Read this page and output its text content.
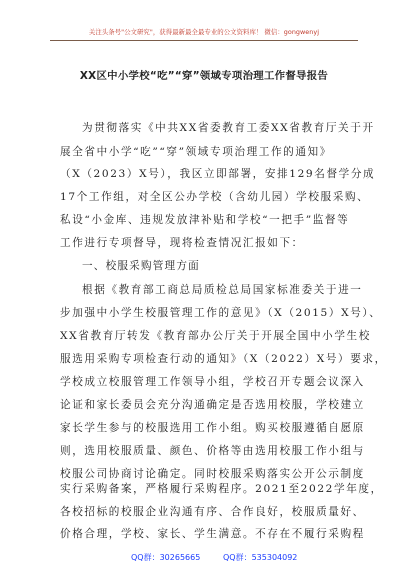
关注头条号"公文研究"，获得最新最全最专业的公文资料库！ 微信：gongwenyj
XX区中小学校“吃”“穿”领域专项治理工作督导报告
为贯彻落实《中共XX省委教育工委XX省教育厅关于开
展全省中小学“吃”“穿”领域专项治理工作的通知》
（X（2023）X号），我区立即部署，安排129名督学分成
17个工作组，对全区公办学校（含幼儿园）学校服采购、
私设“小金库、违规发放津补贴和学校“一把手”监督等
工作进行专项督导，现将检查情况汇报如下：
一、校服采购管理方面
根据《教育部工商总局质检总局国家标准委关于进一
步加强中小学生校服管理工作的意见》（X（2015）X号）、
XX省教育厅转发《教育部办公厅关于开展全国中小学生校
服选用采购专项检查行动的通知》（X（2022）X号）要求，
学校成立校服管理工作领导小组，学校召开专题会议深入
论证和家长委员会充分沟通确定是否选用校服，学校建立
家长学生参与的校服选用工作小组。购买校服遵循自愿原
则，选用校服质量、颜色、价格等由选用校服工作小组与
校服公司协商讨论确定。同时校服采购落实公开公示制度
实行采购备案，严格履行采购程序。2021至2022学年度，
各校招标的校服企业沟通有序、合作良好，校服质量好、
价格合理，学校、家长、学生满意。不存在不履行采购程
QQ群：30265665	QQ群：535304092
